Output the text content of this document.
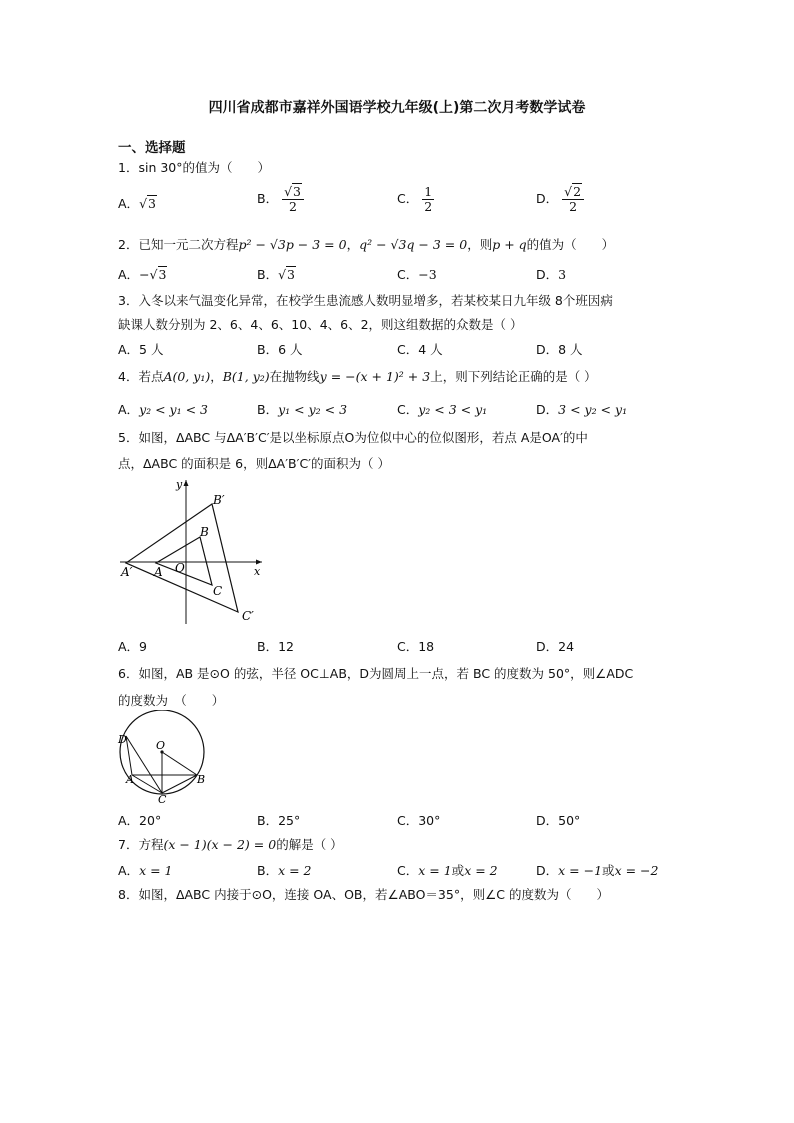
四川省成都市嘉祥外国语学校九年级(上)第二次月考数学试卷
一、选择题
1．sin 30°的值为（　　）
A．√3	B． $\frac{√3}{2}$	C． $\frac{1}{2}$	D． $\frac{√2}{2}$
2．已知一元二次方程p² − √3p − 3 = 0，q² − √3q − 3 = 0，则p + q的值为（　　）
A．−√3	B．√3	C．−3	D．3
3．入冬以来气温变化异常，在校学生患流感人数明显增多，若某校某日九年级 8个班因病
缺课人数分别为 2、6、4、6、10、4、6、2，则这组数据的众数是（ ）
A．5 人	B．6 人	C．4 人	D．8 人
4．若点A(0, y₁)，B(1, y₂)在抛物线y = −(x + 1)² + 3上，则下列结论正确的是（ ）
A．y₂ < y₁ < 3	B．y₁ < y₂ < 3	C．y₂ < 3 < y₁	D．3 < y₂ < y₁
5．如图，ΔABC 与ΔA′B′C′是以坐标原点O为位似中心的位似图形，若点 A是OA′的中
点，ΔABC 的面积是 6，则ΔA′B′C′的面积为（ ）
y
x
B′
B
A′ A O
C
C′
A．9	B．12	C．18	D．24
6．如图，AB 是⊙O 的弦，半径 OC⊥AB，D为圆周上一点，若 BC 的度数为 50°，则∠ADC
的度数为　（　　）
D	O
A	B
C
A．20°	B．25°	C．30°	D．50°
7．方程(x − 1)(x − 2) = 0的解是（ ）
A．x = 1	B．x = 2	C．x = 1或x = 2	D．x = −1或x = −2
8．如图，ΔABC 内接于⊙O，连接 OA、OB，若∠ABO＝35°，则∠C 的度数为（　　）
